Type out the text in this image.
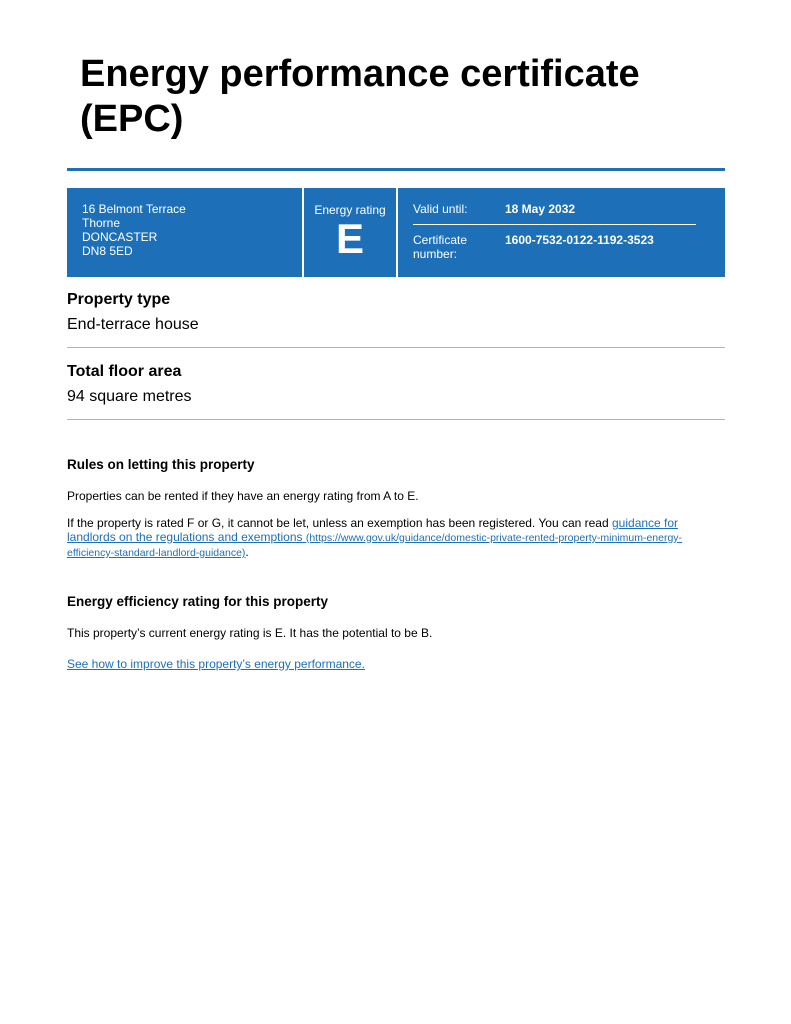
Energy performance certificate (EPC)
16 Belmont Terrace
Thorne
DONCASTER
DN8 5ED
Energy rating
E
Valid until:	18 May 2032
Certificate number:
1600-7532-0122-1192-3523
Property type
End-terrace house
Total floor area
94 square metres
Rules on letting this property
Properties can be rented if they have an energy rating from A to E.
If the property is rated F or G, it cannot be let, unless an exemption has been registered. You can read guidance for landlords on the regulations and exemptions (https://www.gov.uk/guidance/domestic-private-rented-property-minimum-energy-efficiency-standard-landlord-guidance).
Energy efficiency rating for this property
This property’s current energy rating is E. It has the potential to be B.
See how to improve this property’s energy performance.
